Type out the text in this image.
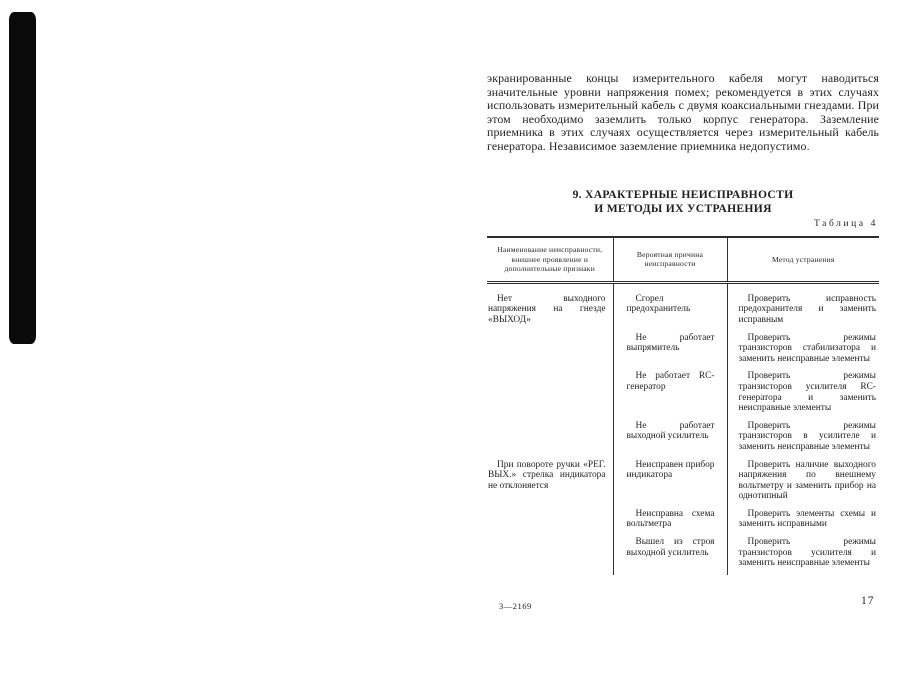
экранированные концы измерительного кабеля могут наводиться значительные уровни напряжения помех; рекомендуется в этих случаях использовать измерительный кабель с двумя коаксиальными гнездами. При этом необходимо заземлить только корпус генератора. Заземление приемника в этих случаях осуществляется через измерительный кабель генератора. Независимое заземление приемника недопустимо.

9. ХАРАКТЕРНЫЕ НЕИСПРАВНОСТИ
И МЕТОДЫ ИХ УСТРАНЕНИЯ
Таблица 4
Наименование неисправности, внешнее проявление и дополнительные признаки	Вероятная причина неисправности	Метод устранения

Нет выходного напряжения на гнезде «ВЫХОД»	Сгорел предохранитель	Проверить исправность предохранителя и заменить исправным

	Не работает выпрямитель	Проверить режимы транзисторов стабилизатора и заменить неисправные элементы

	Не работает RC-генератор	Проверить режимы транзисторов усилителя RC-генератора и заменить неисправные элементы

	Не работает выходной усилитель	Проверить режимы транзисторов в усилителе и заменить неисправные элементы

При повороте ручки «РЕГ. ВЫХ.» стрелка индикатора не отклоняется	Неисправен прибор индикатора	Проверить наличие выходного напряжения по внешнему вольтметру и заменить прибор на однотипный

	Неисправна схема вольтметра	Проверить элементы схемы и заменить исправными

	Вышел из строя выходной усилитель	Проверить режимы транзисторов усилителя и заменить неисправные элементы

3—2169	17
